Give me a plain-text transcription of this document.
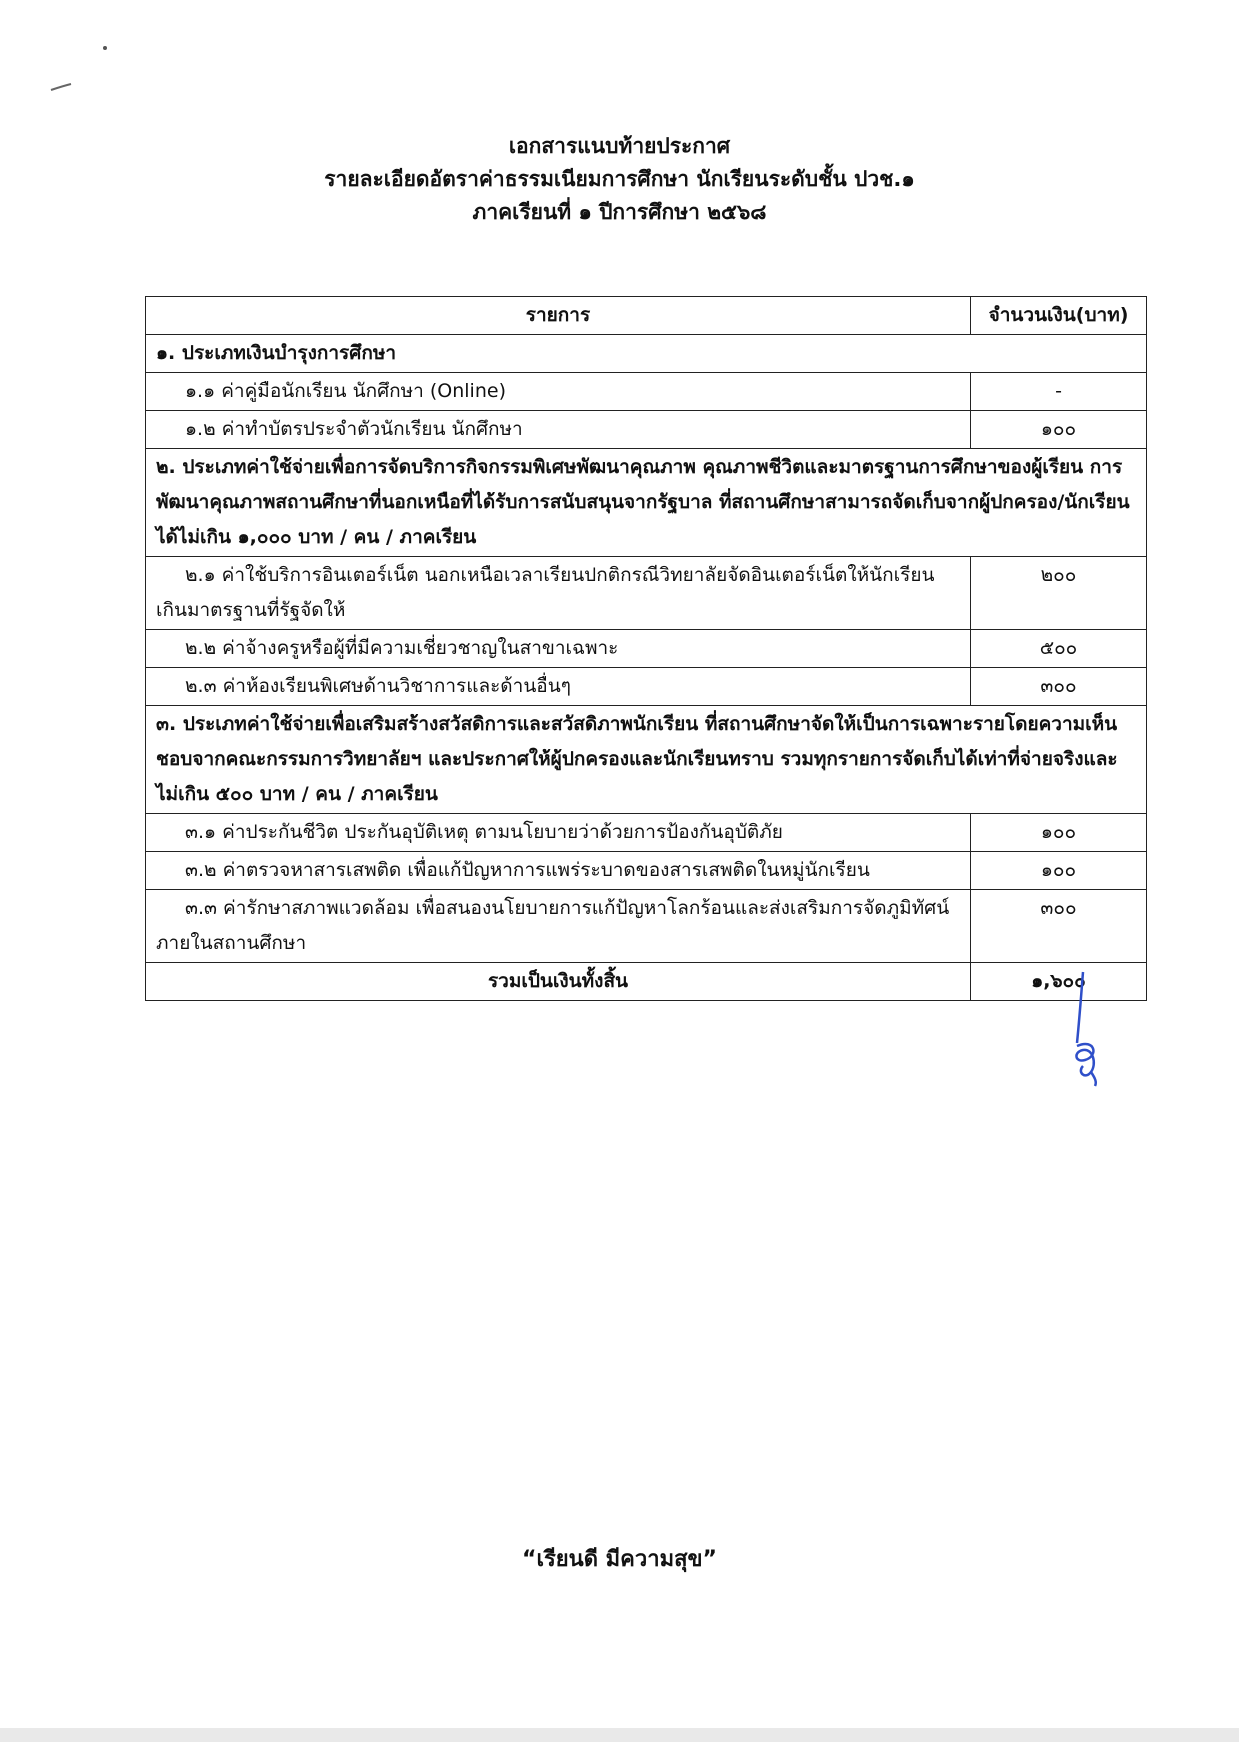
เอกสารแนบท้ายประกาศ
รายละเอียดอัตราค่าธรรมเนียมการศึกษา นักเรียนระดับชั้น ปวช.๑
ภาคเรียนที่ ๑ ปีการศึกษา ๒๕๖๘
รายการ	จำนวนเงิน(บาท)
๑. ประเภทเงินบำรุงการศึกษา	
๑.๑ ค่าคู่มือนักเรียน นักศึกษา (Online)	-
๑.๒ ค่าทำบัตรประจำตัวนักเรียน นักศึกษา	๑๐๐
๒. ประเภทค่าใช้จ่ายเพื่อการจัดบริการกิจกรรมพิเศษพัฒนาคุณภาพ คุณภาพชีวิตและมาตรฐานการศึกษาของผู้เรียน การพัฒนาคุณภาพสถานศึกษาที่นอกเหนือที่ได้รับการสนับสนุนจากรัฐบาล ที่สถานศึกษาสามารถจัดเก็บจากผู้ปกครอง/นักเรียน ได้ไม่เกิน ๑,๐๐๐ บาท / คน / ภาคเรียน	
๒.๑ ค่าใช้บริการอินเตอร์เน็ต นอกเหนือเวลาเรียนปกติกรณีวิทยาลัยจัดอินเตอร์เน็ตให้นักเรียนเกินมาตรฐานที่รัฐจัดให้	๒๐๐
๒.๒ ค่าจ้างครูหรือผู้ที่มีความเชี่ยวชาญในสาขาเฉพาะ	๕๐๐
๒.๓ ค่าห้องเรียนพิเศษด้านวิชาการและด้านอื่นๆ	๓๐๐
๓. ประเภทค่าใช้จ่ายเพื่อเสริมสร้างสวัสดิการและสวัสดิภาพนักเรียน ที่สถานศึกษาจัดให้เป็นการเฉพาะรายโดยความเห็นชอบจากคณะกรรมการวิทยาลัยฯ และประกาศให้ผู้ปกครองและนักเรียนทราบ รวมทุกรายการจัดเก็บได้เท่าที่จ่ายจริงและไม่เกิน ๕๐๐ บาท / คน / ภาคเรียน	
๓.๑ ค่าประกันชีวิต ประกันอุบัติเหตุ ตามนโยบายว่าด้วยการป้องกันอุบัติภัย	๑๐๐
๓.๒ ค่าตรวจหาสารเสพติด เพื่อแก้ปัญหาการแพร่ระบาดของสารเสพติดในหมู่นักเรียน	๑๐๐
๓.๓ ค่ารักษาสภาพแวดล้อม เพื่อสนองนโยบายการแก้ปัญหาโลกร้อนและส่งเสริมการจัดภูมิทัศน์ภายในสถานศึกษา	๓๐๐
รวมเป็นเงินทั้งสิ้น	๑,๖๐๐
“เรียนดี มีความสุข”
